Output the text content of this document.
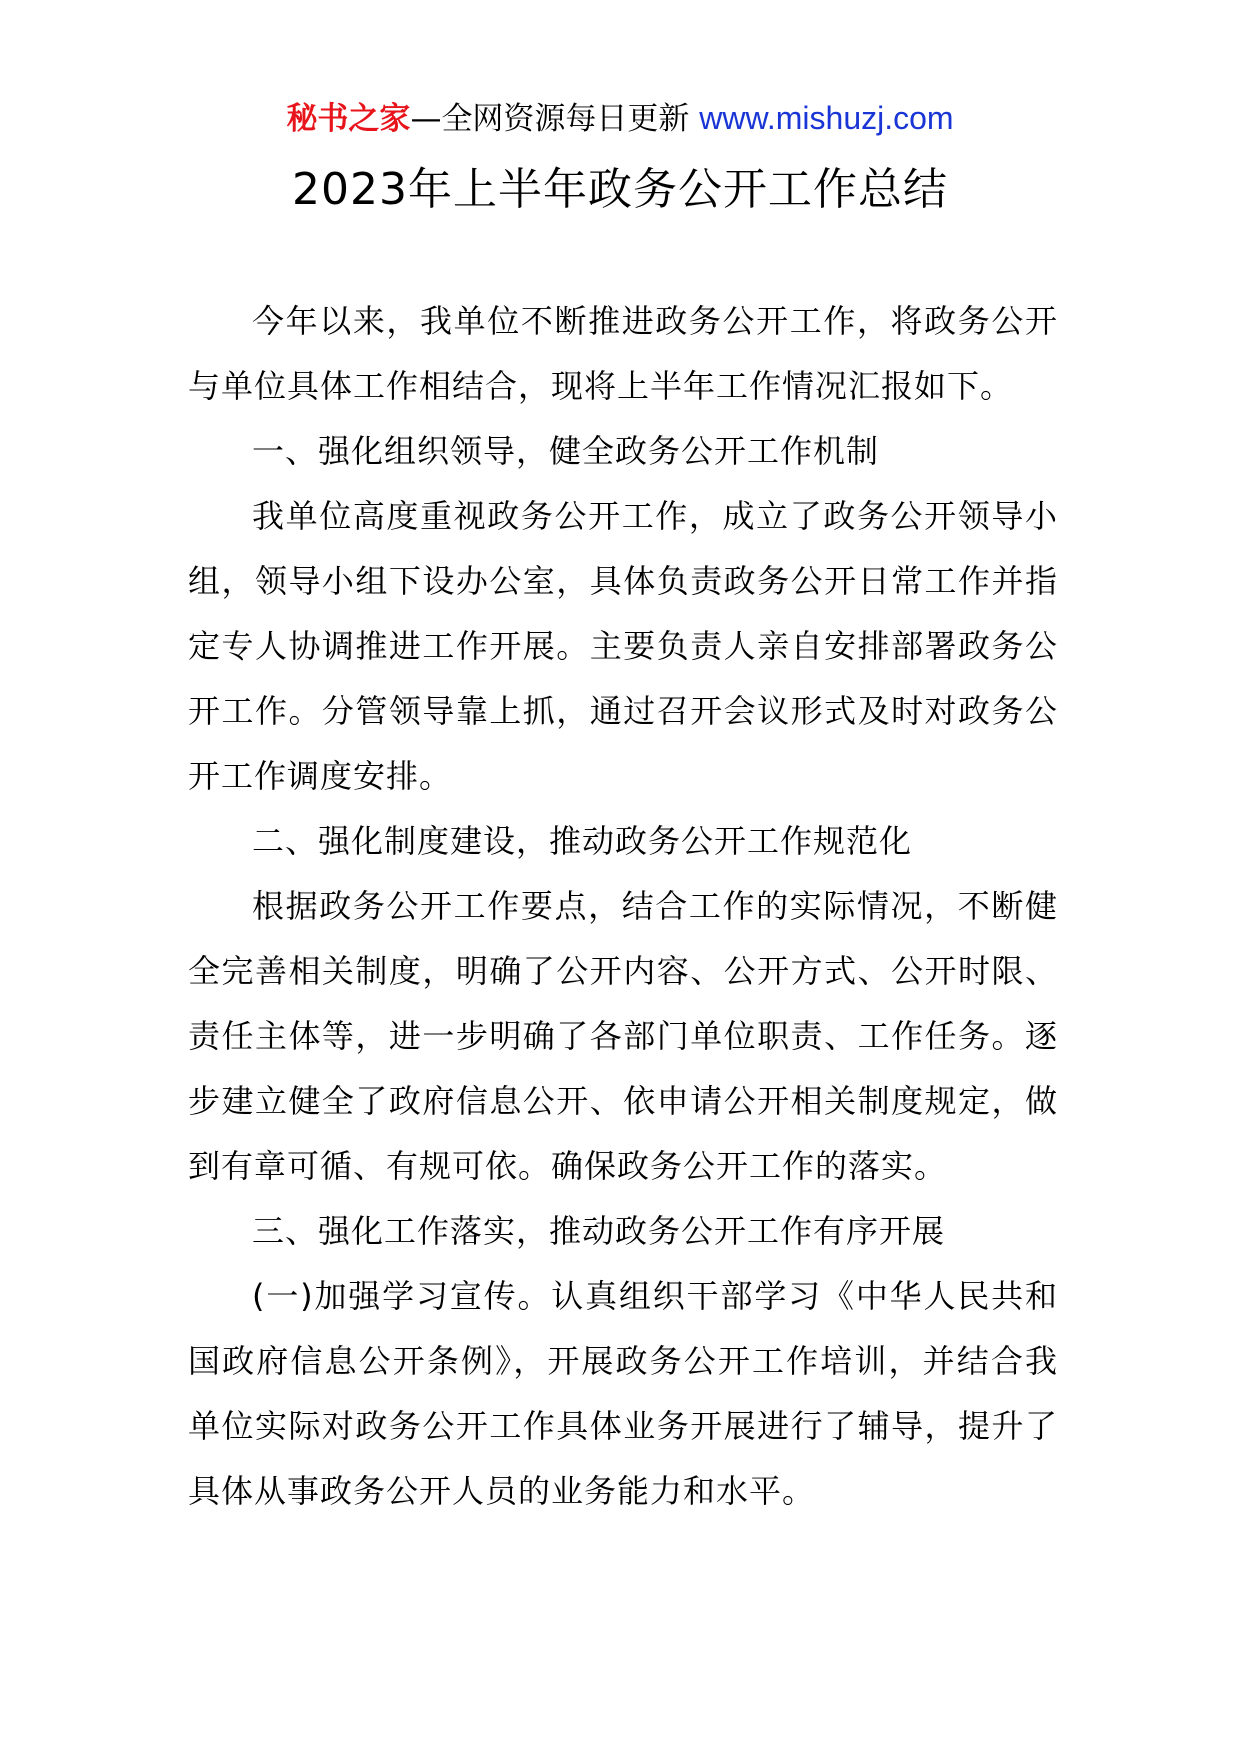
秘书之家—全网资源每日更新 www.mishuzj.com
2023年上半年政务公开工作总结

今年以来，我单位不断推进政务公开工作，将政务公开与单位具体工作相结合，现将上半年工作情况汇报如下。

一、强化组织领导，健全政务公开工作机制

我单位高度重视政务公开工作，成立了政务公开领导小组，领导小组下设办公室，具体负责政务公开日常工作并指定专人协调推进工作开展。主要负责人亲自安排部署政务公开工作。分管领导靠上抓，通过召开会议形式及时对政务公开工作调度安排。

二、强化制度建设，推动政务公开工作规范化

根据政务公开工作要点，结合工作的实际情况，不断健全完善相关制度，明确了公开内容、公开方式、公开时限、责任主体等，进一步明确了各部门单位职责、工作任务。逐步建立健全了政府信息公开、依申请公开相关制度规定，做到有章可循、有规可依。确保政务公开工作的落实。

三、强化工作落实，推动政务公开工作有序开展

(一)加强学习宣传。认真组织干部学习《中华人民共和国政府信息公开条例》，开展政务公开工作培训，并结合我单位实际对政务公开工作具体业务开展进行了辅导，提升了具体从事政务公开人员的业务能力和水平。
